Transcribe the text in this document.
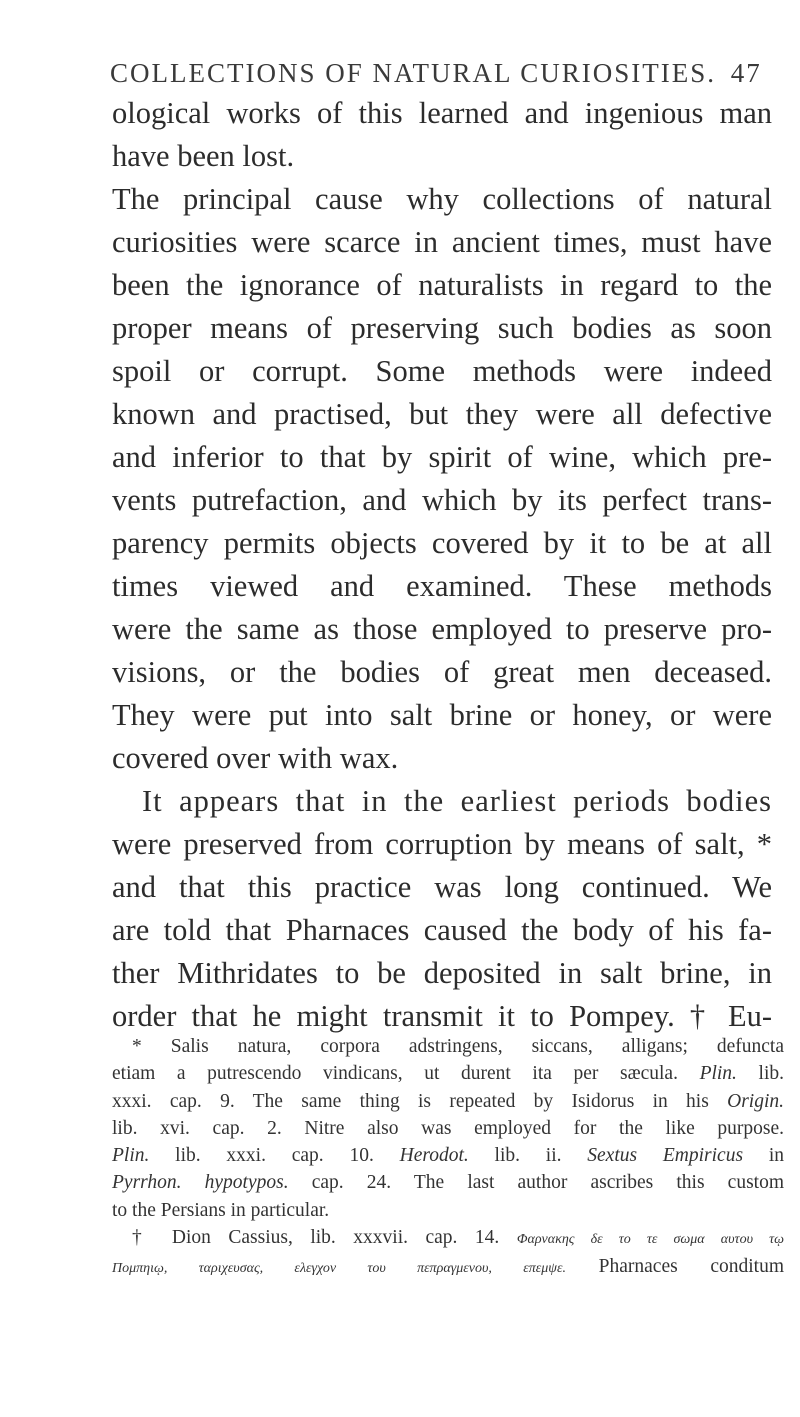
COLLECTIONS OF NATURAL CURIOSITIES. 47
ological works of this learned and ingenious man
have been lost.
The principal cause why collections of natural
curiosities were scarce in ancient times, must have
been the ignorance of naturalists in regard to the
proper means of preserving such bodies as soon
spoil or corrupt. Some methods were indeed
known and practised, but they were all defective
and inferior to that by spirit of wine, which pre-
vents putrefaction, and which by its perfect trans-
parency permits objects covered by it to be at all
times viewed and examined. These methods
were the same as those employed to preserve pro-
visions, or the bodies of great men deceased.
They were put into salt brine or honey, or were
covered over with wax.
It appears that in the earliest periods bodies
were preserved from corruption by means of salt, *
and that this practice was long continued. We
are told that Pharnaces caused the body of his fa-
ther Mithridates to be deposited in salt brine, in
order that he might transmit it to Pompey. † Eu-
* Salis natura, corpora adstringens, siccans, alligans; defuncta
etiam a putrescendo vindicans, ut durent ita per sæcula. Plin. lib.
xxxi. cap. 9. The same thing is repeated by Isidorus in his Origin.
lib. xvi. cap. 2. Nitre also was employed for the like purpose.
Plin. lib. xxxi. cap. 10. Herodot. lib. ii. Sextus Empiricus in
Pyrrhon. hypotypos. cap. 24. The last author ascribes this custom
to the Persians in particular.
† Dion Cassius, lib. xxxvii. cap. 14. Φαρνακης δε το τε σωμα αυτου τῳ
Πομπηιῳ, ταριχευσας, ελεγχον του πεπραγμενου, επεμψε. Pharnaces conditum
